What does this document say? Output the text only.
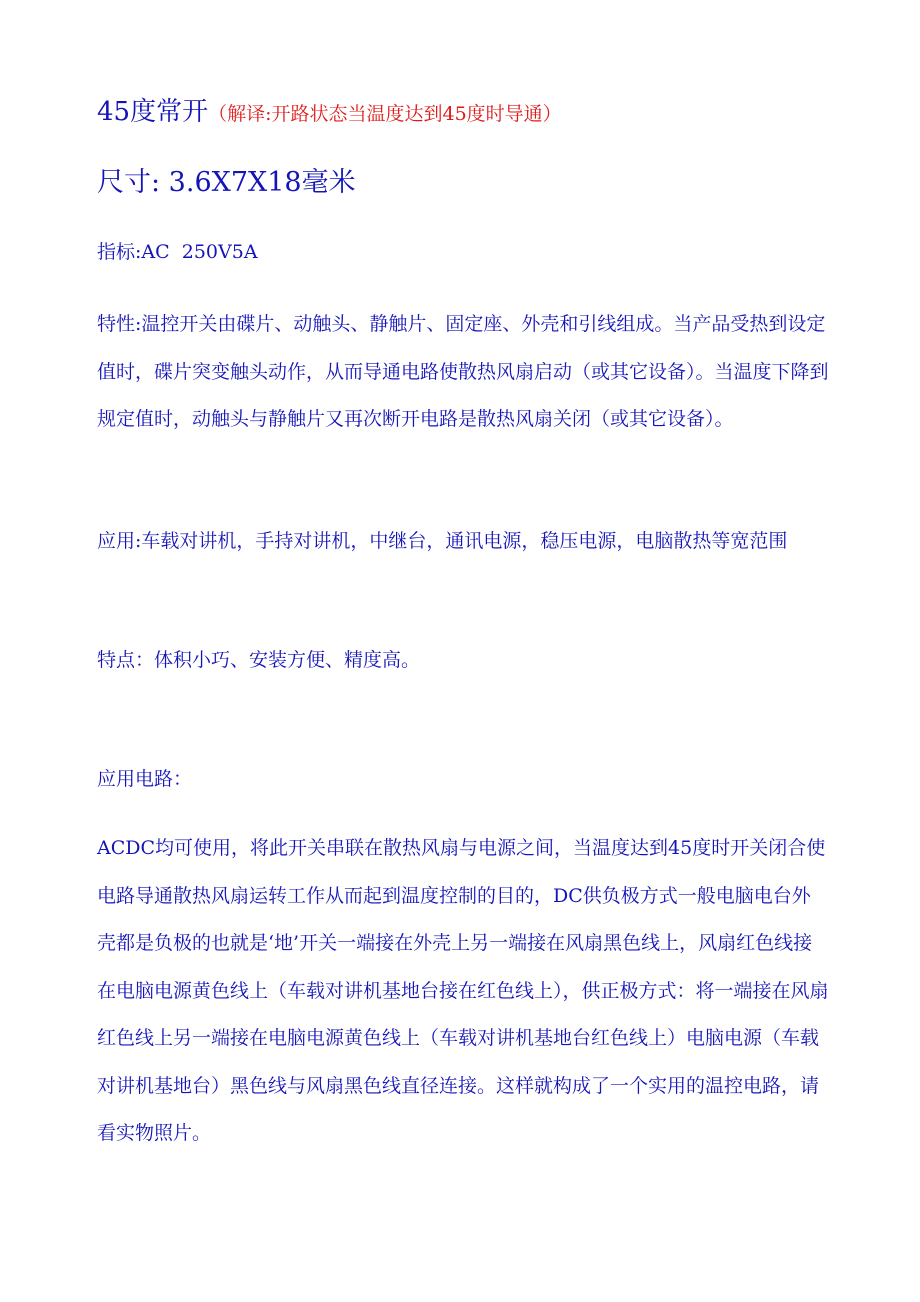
45度常开（解译:开路状态当温度达到45度时导通）
尺寸: 3.6X7X18毫米
指标:AC  250V5A
特性:温控开关由碟片、动触头、静触片、固定座、外壳和引线组成。当产品受热到设定值时，碟片突变触头动作，从而导通电路使散热风扇启动（或其它设备）。当温度下降到规定值时，动触头与静触片又再次断开电路是散热风扇关闭（或其它设备）。
应用:车载对讲机，手持对讲机，中继台，通讯电源，稳压电源，电脑散热等宽范围
特点：体积小巧、安装方便、精度高。
应用电路：
ACDC均可使用，将此开关串联在散热风扇与电源之间，当温度达到45度时开关闭合使电路导通散热风扇运转工作从而起到温度控制的目的，DC供负极方式一般电脑电台外壳都是负极的也就是‘地’开关一端接在外壳上另一端接在风扇黑色线上，风扇红色线接在电脑电源黄色线上（车载对讲机基地台接在红色线上），供正极方式：将一端接在风扇红色线上另一端接在电脑电源黄色线上（车载对讲机基地台红色线上）电脑电源（车载对讲机基地台）黑色线与风扇黑色线直径连接。这样就构成了一个实用的温控电路，请看实物照片。
